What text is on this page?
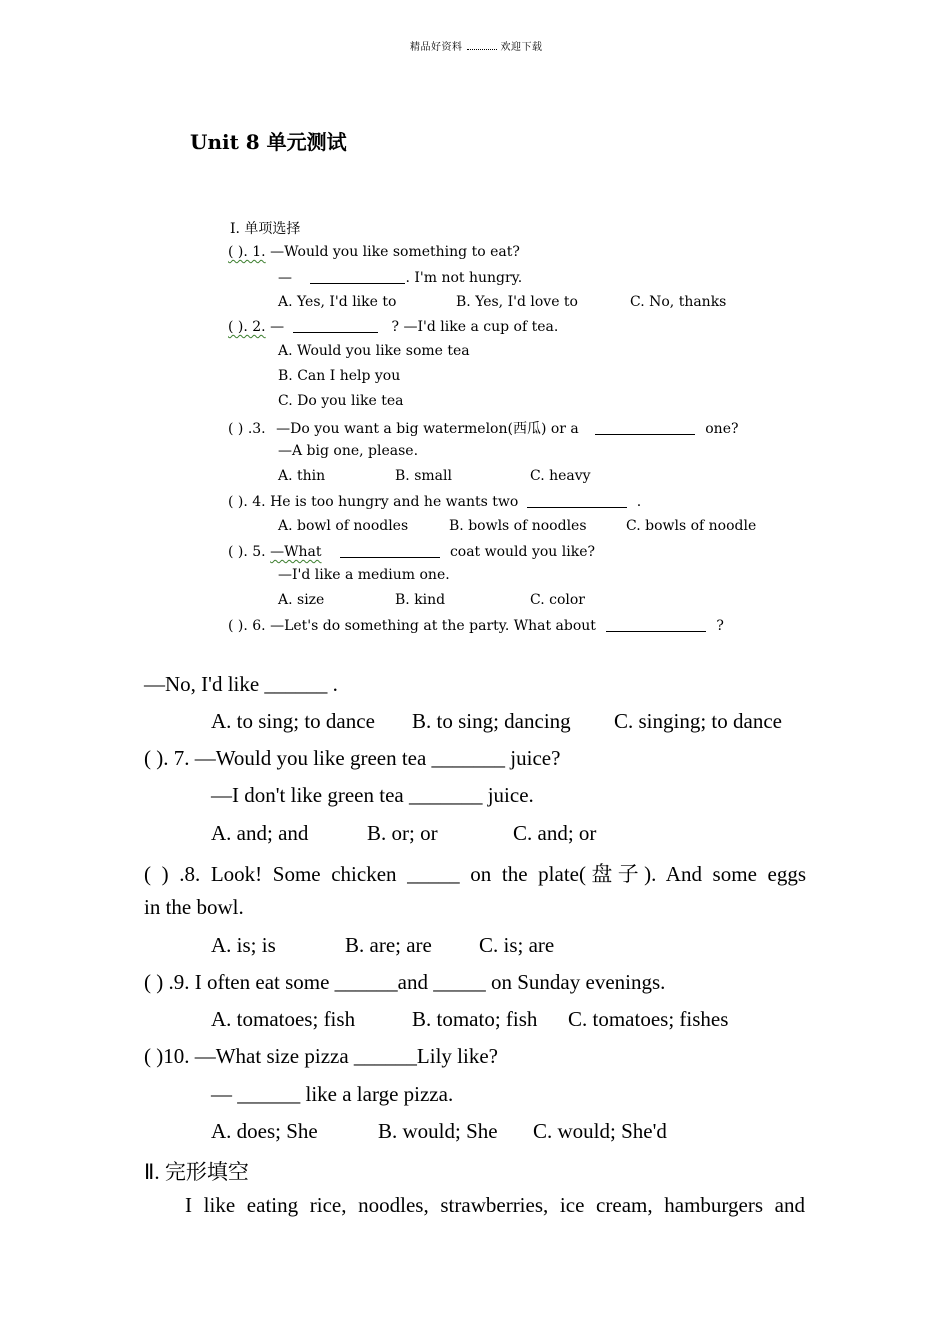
精品好资料	欢迎下载
Unit 8 单元测试
Ⅰ. 单项选择
( ). 1. —Would you like something to eat?
—	. I'm not hungry.
A. Yes, I'd like to	B. Yes, I'd love to	C. No, thanks
( ). 2. —	? —I'd like a cup of tea.
A. Would you like some tea
B. Can I help you
C. Do you like tea
( ) .3. —Do you want a big watermelon(西瓜) or a	one?
—A big one, please.
A. thin	B. small	C. heavy
( ). 4. He is too hungry and he wants two	.
A. bowl of noodles	B. bowls of noodles	C. bowls of noodle
( ). 5. —What	coat would you like?
—I'd like a medium one.
A. size	B. kind	C. color
( ). 6. —Let's do something at the party. What about	?
—No, I'd like ______ .
A. to sing; to dance B. to sing; dancing C. singing; to dance
( ). 7. —Would you like green tea _______ juice?
—I don't like green tea _______ juice.
A. and; and	B. or; or	C. and; or
( ) .8. Look! Some chicken _____ on the plate(盘子). And some eggs
in the bowl.
A. is; is	B. are; are C. is; are
( ) .9. I often eat some ______and _____ on Sunday evenings.
A. tomatoes; fish	B. tomato; fish C. tomatoes; fishes
( )10. —What size pizza ______Lily like?
— ______ like a large pizza.
A. does; She	B. would; She C. would; She'd
Ⅱ. 完形填空
I like eating rice, noodles, strawberries, ice cream, hamburgers and
